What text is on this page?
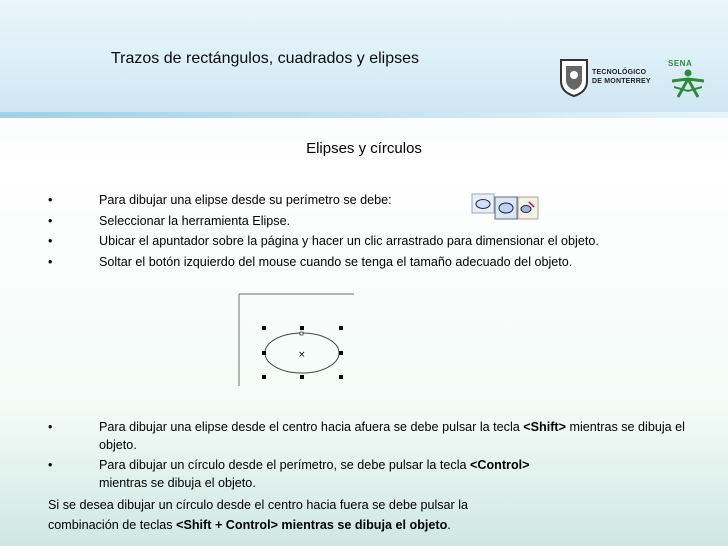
Trazos de rectángulos, cuadrados y elipses
TECNOLÓGICO
DE MONTERREY
SENA
Elipses y círculos
•	Para dibujar una elipse desde su perímetro se debe:
•	Seleccionar la herramienta Elipse.
•	Ubicar el apuntador sobre la página y hacer un clic arrastrado para dimensionar el objeto.
•	Soltar el botón izquierdo del mouse cuando se tenga el tamaño adecuado del objeto.
×
•	Para dibujar una elipse desde el centro hacia afuera se debe pulsar la tecla <Shift> mientras se dibuja el objeto.
•	Para dibujar un círculo desde el perímetro, se debe pulsar la tecla <Control>
mientras se dibuja el objeto.
Si se desea dibujar un círculo desde el centro hacia fuera se debe pulsar la
combinación de teclas <Shift + Control> mientras se dibuja el objeto.
